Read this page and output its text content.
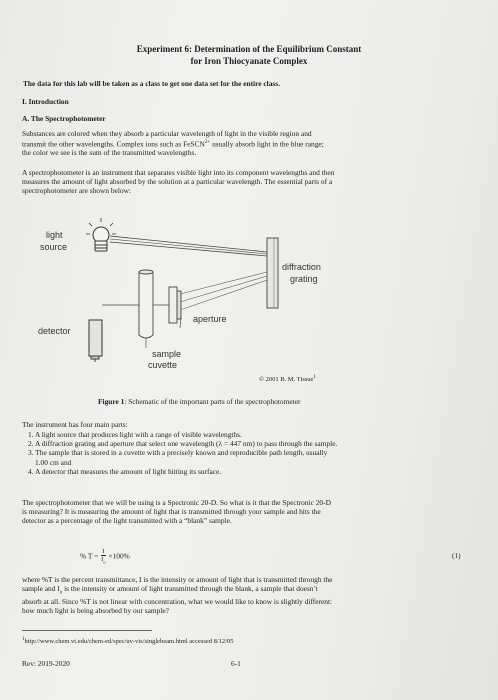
Experiment 6: Determination of the Equilibrium Constant
for Iron Thiocyanate Complex
The data for this lab will be taken as a class to get one data set for the entire class.
I. Introduction
A. The Spectrophotometer
Substances are colored when they absorb a particular wavelength of light in the visible region and
transmit the other wavelengths. Complex ions such as FeSCN$^{2+}$ usually absorb light in the blue range;
the color we see is the sum of the transmitted wavelengths.
A spectrophotometer is an instrument that separates visible light into its component wavelengths and then
measures the amount of light absorbed by the solution at a particular wavelength. The essential parts of a
spectrophotometer are shown below:
light
source
diffraction
grating
aperture
detector
sample
cuvette
© 2001 B. M. Tissue$^1$
Figure 1: Schematic of the important parts of the spectrophotometer
The instrument has four main parts:
1. A light source that produces light with a range of visible wavelengths.
2. A diffraction grating and aperture that select one wavelength (λ = 447 nm) to pass through the sample.
3. The sample that is stored in a cuvette with a precisely known and reproducible path length, usually
1.00 cm and
4. A detector that measures the amount of light hitting its surface.
The spectrophotometer that we will be using is a Spectronic 20-D. So what is it that the Spectronic 20-D
is measuring? It is measuring the amount of light that is transmitted through your sample and hits the
detector as a percentage of the light transmitted with a “blank” sample.
% $T = \frac{I}{I_o} \times 100\%$	(1)
where %T is the percent transmittance, I is the intensity or amount of light that is transmitted through the
sample and $I_o$ is the intensity or amount of light transmitted through the blank, a sample that doesn’t
absorb at all. Since %T is not linear with concentration, what we would like to know is slightly different:
how much light is being absorbed by our sample?
$^1$http://www.chem.vt.edu/chem-ed/spec/uv-vis/singlebeam.html accessed 8/12/05
Rev: 2019-2020	6-1
